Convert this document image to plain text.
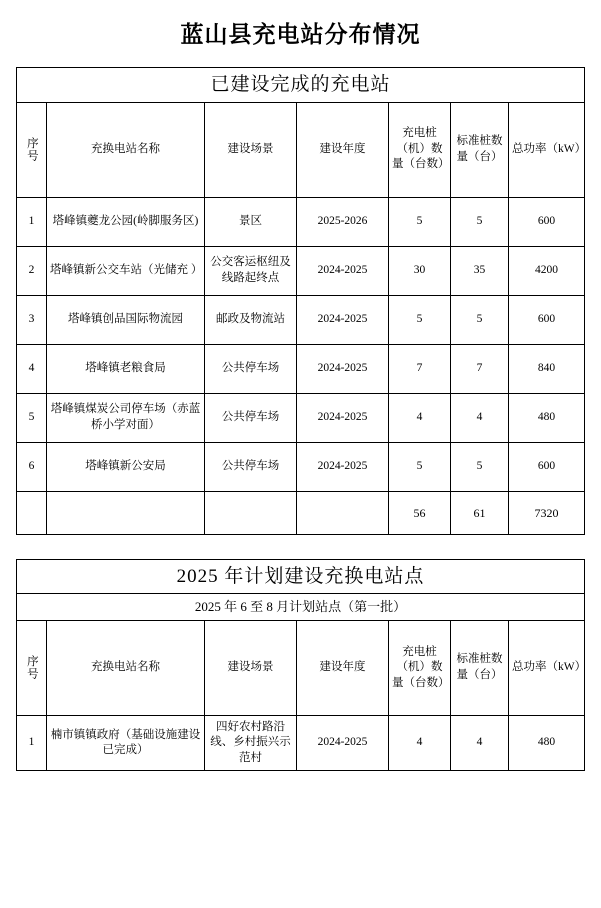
蓝山县充电站分布情况
已建设完成的充电站						

序号	充换电站名称	建设场景	建设年度	充电桩（机）数量（台数）	标准桩数量（台）	总功率（kW）
1	塔峰镇夔龙公园(岭脚服务区)	景区	2025-2026	5	5	600
2	塔峰镇新公交车站（光储充 ）	公交客运枢纽及线路起终点	2024-2025	30	35	4200
3	塔峰镇创品国际物流园	邮政及物流站	2024-2025	5	5	600
4	塔峰镇老粮食局	公共停车场	2024-2025	7	7	840
5	塔峰镇煤炭公司停车场（赤蓝桥小学对面）	公共停车场	2024-2025	4	4	480
6	塔峰镇新公安局	公共停车场	2024-2025	5	5	600
				56	61	7320
2025 年计划建设充换电站点						
2025 年 6 至 8 月计划站点（第一批）						

序号	充换电站名称	建设场景	建设年度	充电桩（机）数量（台数）	标准桩数量（台）	总功率（kW）
1	楠市镇镇政府（基础设施建设已完成）	四好农村路沿线、乡村振兴示范村	2024-2025	4	4	480
